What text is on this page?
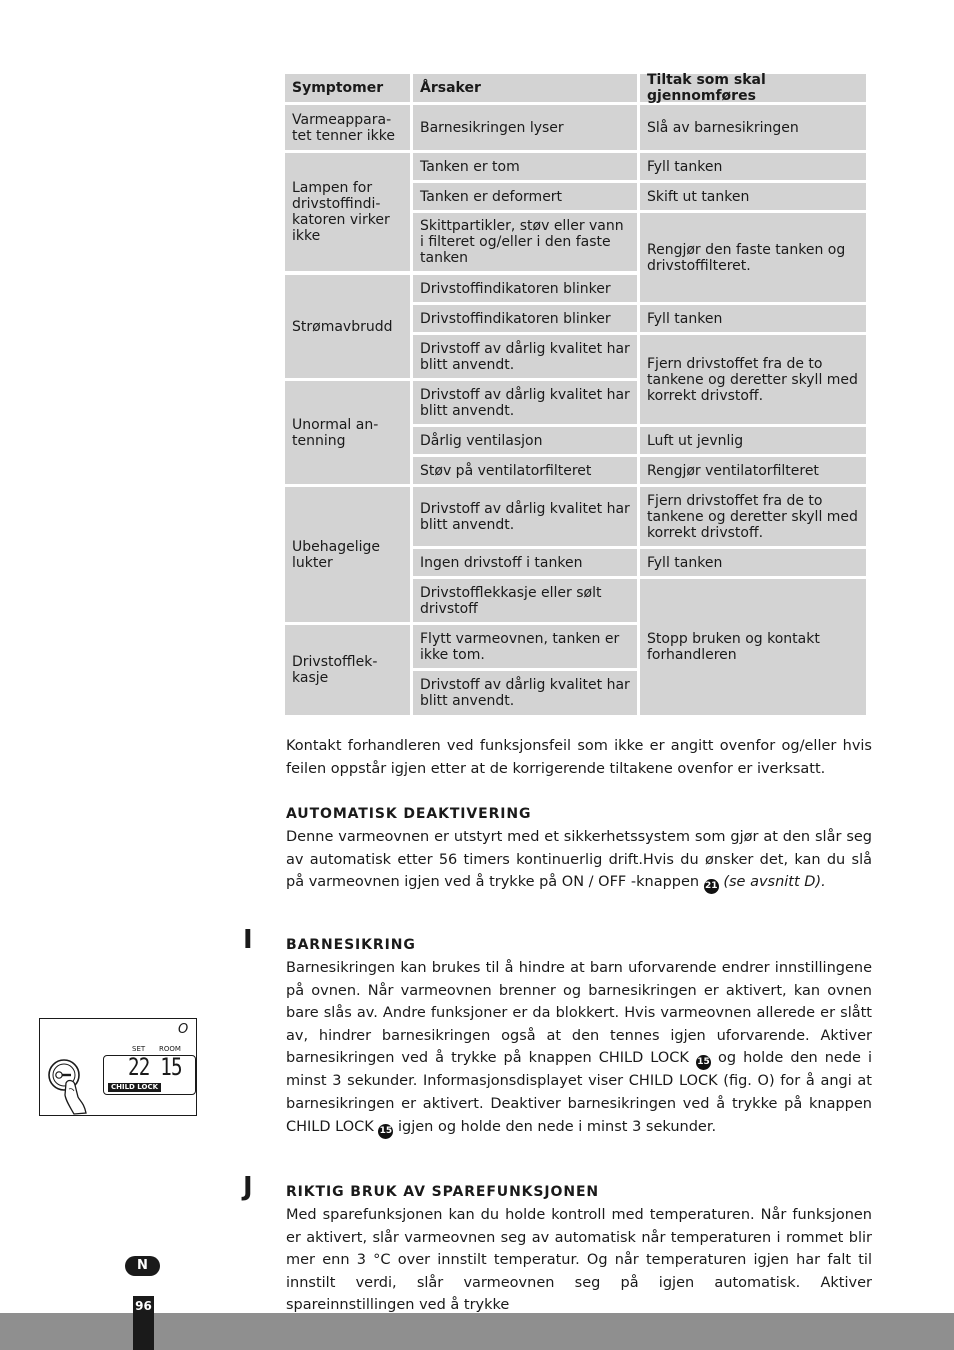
Symptomer	Årsaker	Tiltak som skal gjennomføres
Varmeappara-
tet tenner ikke
Lampen for
drivstoffindi-
katoren virker
ikke
Strømavbrudd
Unormal an-
tenning
Ubehagelige
lukter
Drivstofflek-
kasje
Barnesikringen lyser
Tanken er tom
Tanken er deformert
Skittpartikler, støv eller vann
i filteret og/eller i den faste
tanken
Drivstoffindikatoren blinker
Drivstoffindikatoren blinker
Drivstoff av dårlig kvalitet har
blitt anvendt.
Drivstoff av dårlig kvalitet har
blitt anvendt.
Dårlig ventilasjon
Støv på ventilatorfilteret
Drivstoff av dårlig kvalitet har
blitt anvendt.
Ingen drivstoff i tanken
Drivstofflekkasje eller sølt
drivstoff
Flytt varmeovnen, tanken er
ikke tom.
Drivstoff av dårlig kvalitet har
blitt anvendt.
Slå av barnesikringen
Fyll tanken
Skift ut tanken
Rengjør den faste tanken og
drivstoffilteret.
Fyll tanken
Fjern drivstoffet fra de to
tankene og deretter skyll med
korrekt drivstoff.
Luft ut jevnlig
Rengjør ventilatorfilteret
Fjern drivstoffet fra de to
tankene og deretter skyll med
korrekt drivstoff.
Fyll tanken
Stopp bruken og kontakt
forhandleren
Kontakt forhandleren ved funksjonsfeil som ikke er angitt ovenfor og/eller hvis feilen oppstår igjen etter at de korrigerende tiltakene ovenfor er iverksatt.
AUTOMATISK DEAKTIVERING
Denne varmeovnen er utstyrt med et sikkerhetssystem som gjør at den slår seg av automatisk etter 56 timers kontinuerlig drift.Hvis du ønsker det, kan du slå på varmeovnen igjen ved å trykke på ON / OFF -knappen 21 (se avsnitt D).
I BARNESIKRING
Barnesikringen kan brukes til å hindre at barn uforvarende endrer innstillingene på ovnen. Når varmeovnen brenner og barnesikringen er aktivert, kan ovnen bare slås av. Andre funksjoner er da blokkert. Hvis varmeovnen allerede er slått av, hindrer barnesikringen også at den tennes igjen uforvarende. Aktiver barnesikringen ved å trykke på knappen CHILD LOCK 15 og holde den nede i minst 3 sekunder. Informasjonsdisplayet viser CHILD LOCK (fig. O) for å angi at barnesikringen er aktivert. Deaktiver barnesikringen ved å trykke på knappen CHILD LOCK 15 igjen og holde den nede i minst 3 sekunder.
O
SET ROOM
22 15
CHILD LOCK
J RIKTIG BRUK AV SPAREFUNKSJONEN
Med sparefunksjonen kan du holde kontroll med temperaturen. Når funksjonen er aktivert, slår varmeovnen seg av automatisk når temperaturen i rommet blir mer enn 3 °C over innstilt temperatur. Og når temperaturen igjen har falt til innstilt verdi, slår varmeovnen seg på igjen automatisk. Aktiver spareinnstillingen ved å trykke
N
96
